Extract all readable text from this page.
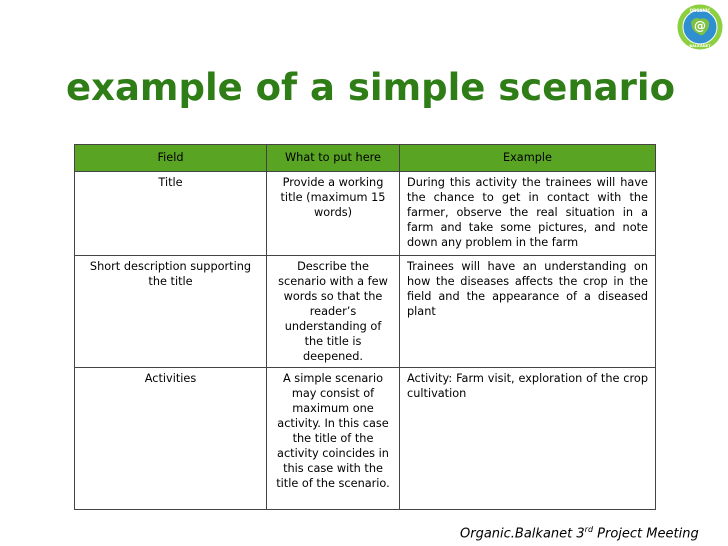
example of a simple scenario
@
ORGANIC
BALKANET
Field	What to put here	Example
Title	Provide a working title (maximum 15 words)	During this activity the trainees will have the chance to get in contact with the farmer, observe the real situation in a farm and take some pictures, and note down any problem in the farm
Short description supporting the title	Describe the scenario with a few words so that the reader’s understanding of the title is deepened.	Trainees will have an understanding on how the diseases affects the crop in the field and the appearance of a diseased plant
Activities	A simple scenario may consist of maximum one activity. In this case the title of the activity coincides in this case with the title of the scenario.	Activity: Farm visit, exploration of the crop cultivation
Organic.Balkanet 3rd Project Meeting
